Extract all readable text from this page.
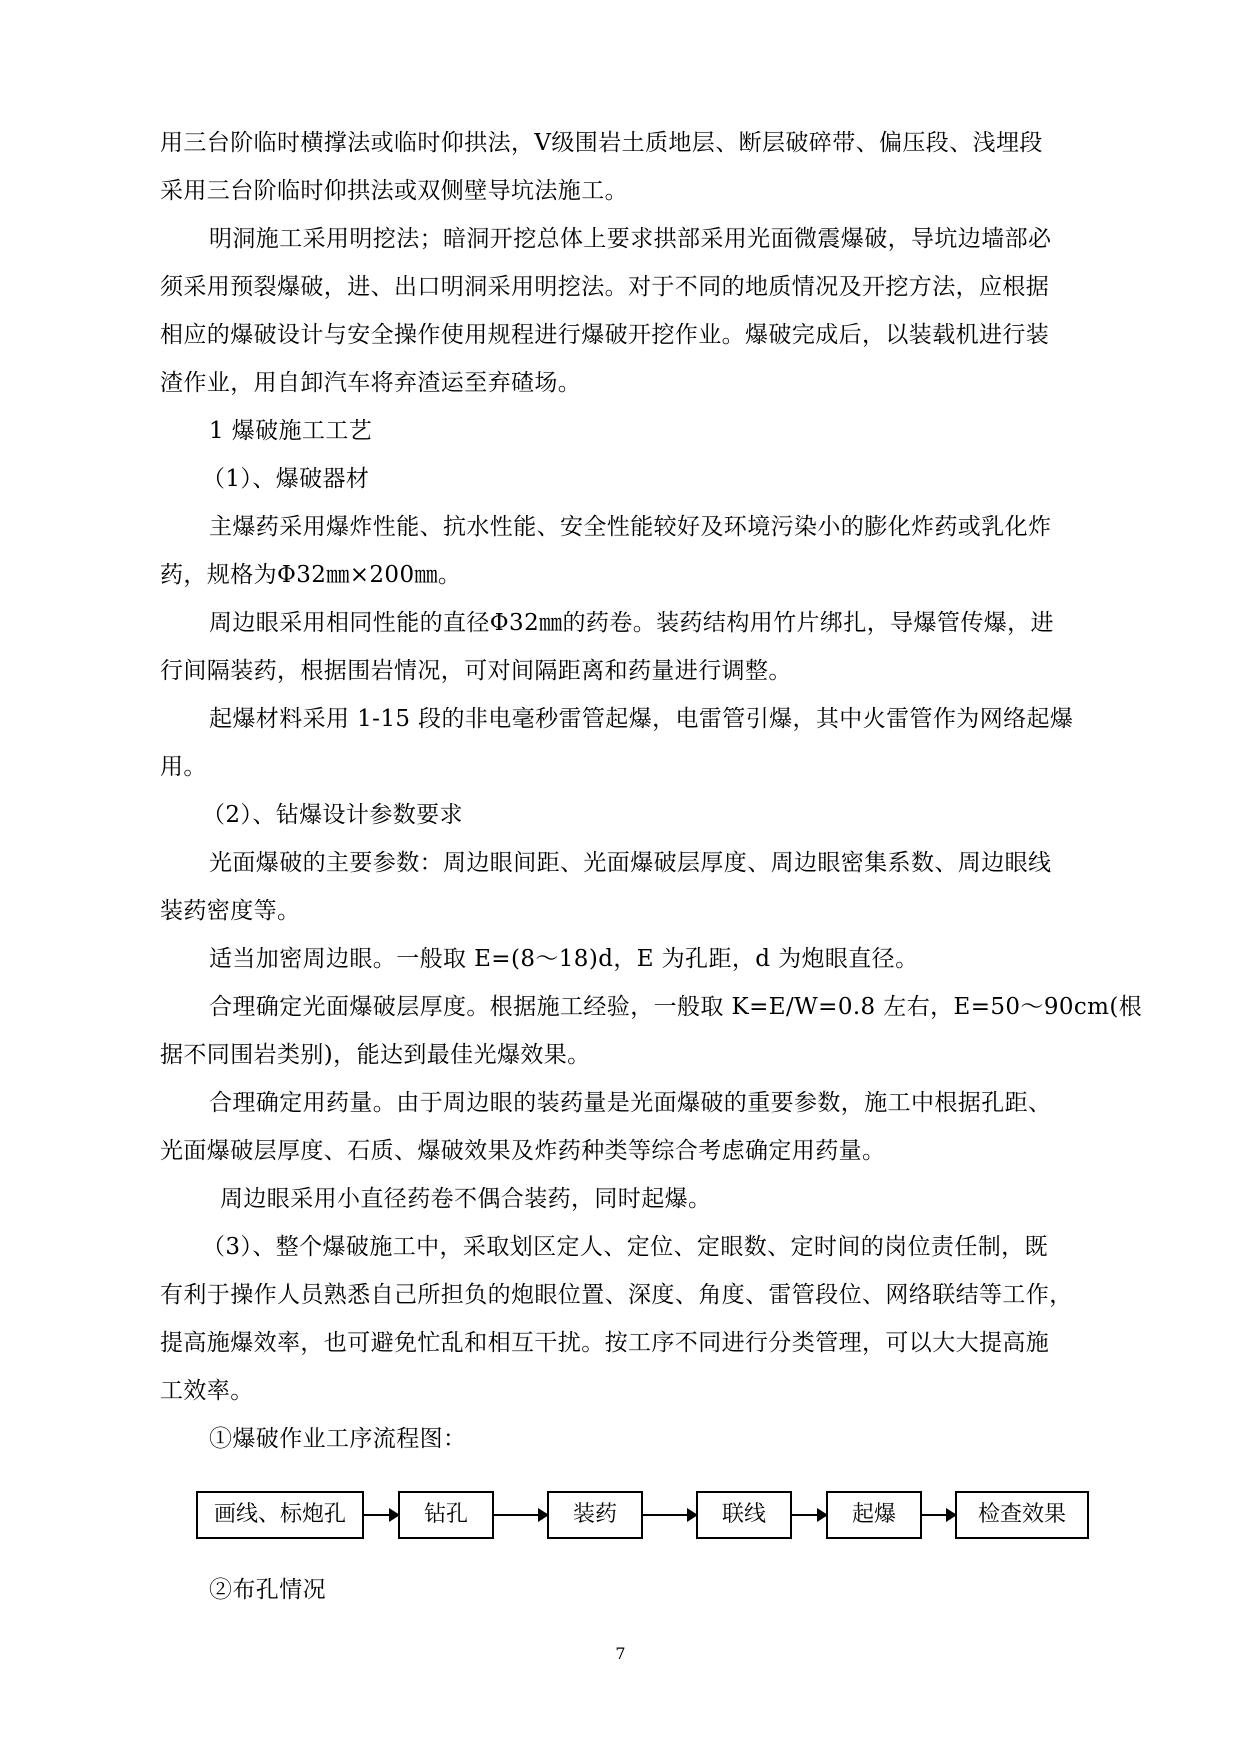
用三台阶临时横撑法或临时仰拱法，Ⅴ级围岩土质地层、断层破碎带、偏压段、浅埋段
采用三台阶临时仰拱法或双侧壁导坑法施工。
明洞施工采用明挖法；暗洞开挖总体上要求拱部采用光面微震爆破，导坑边墙部必
须采用预裂爆破，进、出口明洞采用明挖法。对于不同的地质情况及开挖方法，应根据
相应的爆破设计与安全操作使用规程进行爆破开挖作业。爆破完成后，以装载机进行装
渣作业，用自卸汽车将弃渣运至弃碴场。
1 爆破施工工艺
（1）、爆破器材
主爆药采用爆炸性能、抗水性能、安全性能较好及环境污染小的膨化炸药或乳化炸
药，规格为Φ32㎜×200㎜。
周边眼采用相同性能的直径Φ32㎜的药卷。装药结构用竹片绑扎，导爆管传爆，进
行间隔装药，根据围岩情况，可对间隔距离和药量进行调整。
起爆材料采用 1-15 段的非电毫秒雷管起爆，电雷管引爆，其中火雷管作为网络起爆
用。
（2）、钻爆设计参数要求
光面爆破的主要参数：周边眼间距、光面爆破层厚度、周边眼密集系数、周边眼线
装药密度等。
适当加密周边眼。一般取 E=(8～18)d，E 为孔距，d 为炮眼直径。
合理确定光面爆破层厚度。根据施工经验，一般取 K=E/W=0.8 左右，E=50～90cm(根
据不同围岩类别)，能达到最佳光爆效果。
合理确定用药量。由于周边眼的装药量是光面爆破的重要参数，施工中根据孔距、
光面爆破层厚度、石质、爆破效果及炸药种类等综合考虑确定用药量。
周边眼采用小直径药卷不偶合装药，同时起爆。
（3）、整个爆破施工中，采取划区定人、定位、定眼数、定时间的岗位责任制，既
有利于操作人员熟悉自己所担负的炮眼位置、深度、角度、雷管段位、网络联结等工作，
提高施爆效率，也可避免忙乱和相互干扰。按工序不同进行分类管理，可以大大提高施
工效率。
①爆破作业工序流程图：
画线、标炮孔	钻孔	装药	联线	起爆	检查效果
②布孔情况
7
